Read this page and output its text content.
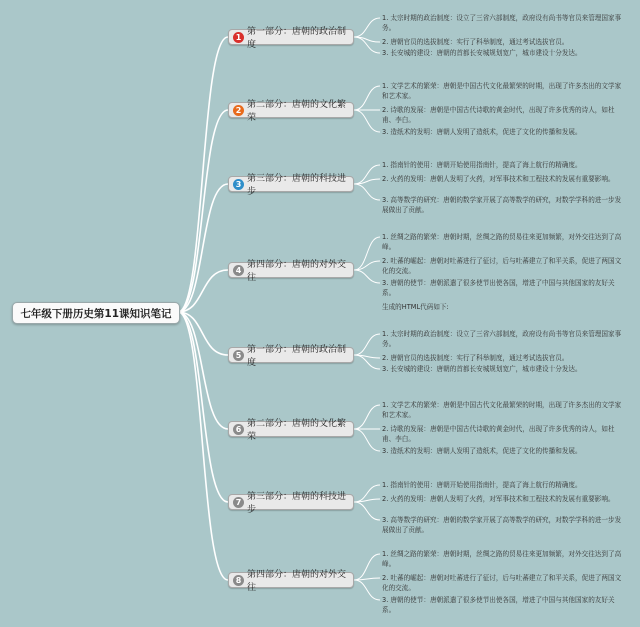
七年级下册历史第11课知识笔记
1 第一部分：唐朝的政治制度
1. 太宗时期的政治制度：设立了三省六部制度，政府设有尚书等官员来管理国家事务。
2. 唐朝官员的选拔制度：实行了科举制度，通过考试选拔官员。
3. 长安城的建设：唐朝的首都长安城规划宽广，城市建设十分发达。
2 第二部分：唐朝的文化繁荣
1. 文学艺术的繁荣：唐朝是中国古代文化最繁荣的时期，出现了许多杰出的文学家和艺术家。
2. 诗歌的发展：唐朝是中国古代诗歌的黄金时代，出现了许多优秀的诗人，如杜甫、李白。
3. 造纸术的发明：唐朝人发明了造纸术，促进了文化的传播和发展。
3 第三部分：唐朝的科技进步
1. 指南针的使用：唐朝开始使用指南针，提高了海上航行的精确度。
2. 火药的发明：唐朝人发明了火药，对军事技术和工程技术的发展有重要影响。
3. 高等数学的研究：唐朝的数学家开展了高等数学的研究，对数学学科的进一步发展做出了贡献。
4 第四部分：唐朝的对外交往
1. 丝绸之路的繁荣：唐朝时期，丝绸之路的贸易往来更加频繁，对外交往达到了高峰。
2. 吐蕃的崛起：唐朝对吐蕃进行了征讨，后与吐蕃建立了和平关系，促进了两国文化的交流。
3. 唐朝的使节：唐朝派遣了很多使节出使各国，增进了中国与其他国家的友好关系。
5 第一部分：唐朝的政治制度
1. 太宗时期的政治制度：设立了三省六部制度，政府设有尚书等官员来管理国家事务。
2. 唐朝官员的选拔制度：实行了科举制度，通过考试选拔官员。
3. 长安城的建设：唐朝的首都长安城规划宽广，城市建设十分发达。
6 第二部分：唐朝的文化繁荣
1. 文学艺术的繁荣：唐朝是中国古代文化最繁荣的时期，出现了许多杰出的文学家和艺术家。
2. 诗歌的发展：唐朝是中国古代诗歌的黄金时代，出现了许多优秀的诗人，如杜甫、李白。
3. 造纸术的发明：唐朝人发明了造纸术，促进了文化的传播和发展。
7 第三部分：唐朝的科技进步
1. 指南针的使用：唐朝开始使用指南针，提高了海上航行的精确度。
2. 火药的发明：唐朝人发明了火药，对军事技术和工程技术的发展有重要影响。
3. 高等数学的研究：唐朝的数学家开展了高等数学的研究，对数学学科的进一步发展做出了贡献。
8 第四部分：唐朝的对外交往
1. 丝绸之路的繁荣：唐朝时期，丝绸之路的贸易往来更加频繁，对外交往达到了高峰。
2. 吐蕃的崛起：唐朝对吐蕃进行了征讨，后与吐蕃建立了和平关系，促进了两国文化的交流。
3. 唐朝的使节：唐朝派遣了很多使节出使各国，增进了中国与其他国家的友好关系。
生成的HTML代码如下:
